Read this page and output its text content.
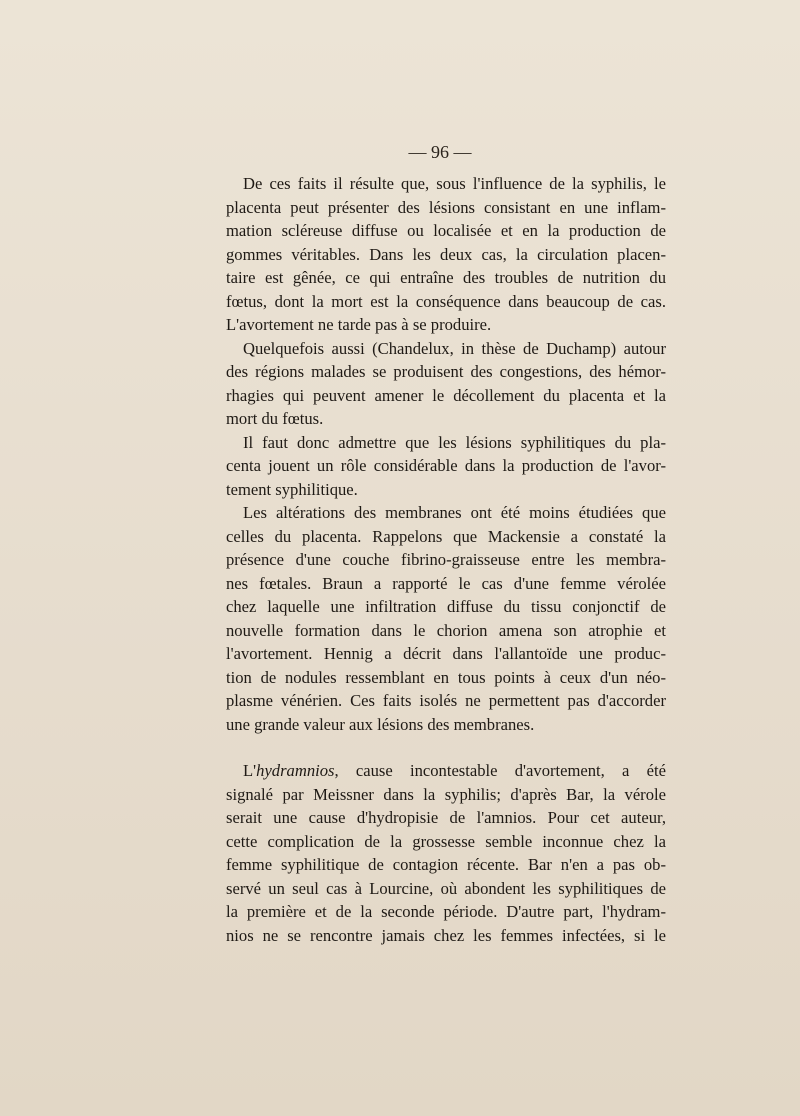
— 96 —
De ces faits il résulte que, sous l'influence de la syphilis, le
placenta peut présenter des lésions consistant en une inflam-
mation scléreuse diffuse ou localisée et en la production de
gommes véritables. Dans les deux cas, la circulation placen-
taire est gênée, ce qui entraîne des troubles de nutrition du
fœtus, dont la mort est la conséquence dans beaucoup de cas.
L'avortement ne tarde pas à se produire.
Quelquefois aussi (Chandelux, in thèse de Duchamp) autour
des régions malades se produisent des congestions, des hémor-
rhagies qui peuvent amener le décollement du placenta et la
mort du fœtus.
Il faut donc admettre que les lésions syphilitiques du pla-
centa jouent un rôle considérable dans la production de l'avor-
tement syphilitique.
Les altérations des membranes ont été moins étudiées que
celles du placenta. Rappelons que Mackensie a constaté la
présence d'une couche fibrino-graisseuse entre les membra-
nes fœtales. Braun a rapporté le cas d'une femme vérolée
chez laquelle une infiltration diffuse du tissu conjonctif de
nouvelle formation dans le chorion amena son atrophie et
l'avortement. Hennig a décrit dans l'allantoïde une produc-
tion de nodules ressemblant en tous points à ceux d'un néo-
plasme vénérien. Ces faits isolés ne permettent pas d'accorder
une grande valeur aux lésions des membranes.
L'hydramnios, cause incontestable d'avortement, a été
signalé par Meissner dans la syphilis; d'après Bar, la vérole
serait une cause d'hydropisie de l'amnios. Pour cet auteur,
cette complication de la grossesse semble inconnue chez la
femme syphilitique de contagion récente. Bar n'en a pas ob-
servé un seul cas à Lourcine, où abondent les syphilitiques de
la première et de la seconde période. D'autre part, l'hydram-
nios ne se rencontre jamais chez les femmes infectées, si le
